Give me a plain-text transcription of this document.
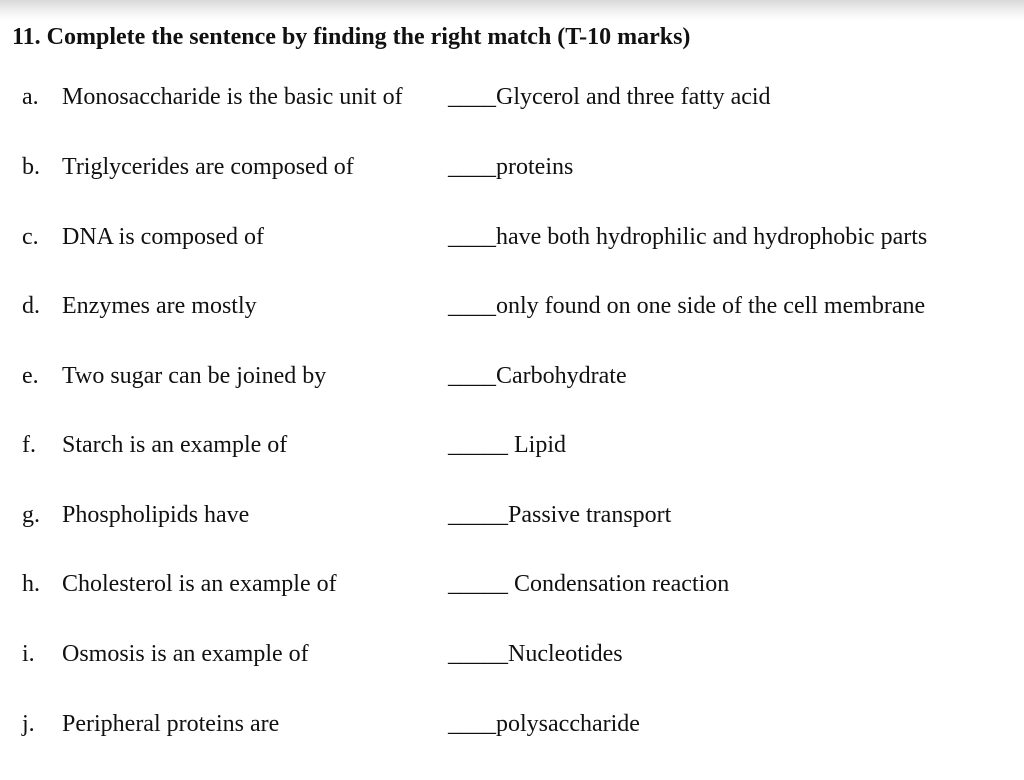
11. Complete the sentence by finding the right match (T-10 marks)
a. Monosaccharide is the basic unit of ____Glycerol and three fatty acid
b. Triglycerides are composed of	____proteins
c. DNA is composed of	____have both hydrophilic and hydrophobic parts
d. Enzymes are mostly	____only found on one side of the cell membrane
e. Two sugar can be joined by	____Carbohydrate
f. Starch is an example of	_____ Lipid
g. Phospholipids have	_____Passive transport
h. Cholesterol is an example of	_____ Condensation reaction
i. Osmosis is an example of	_____Nucleotides
j. Peripheral proteins are	____polysaccharide
